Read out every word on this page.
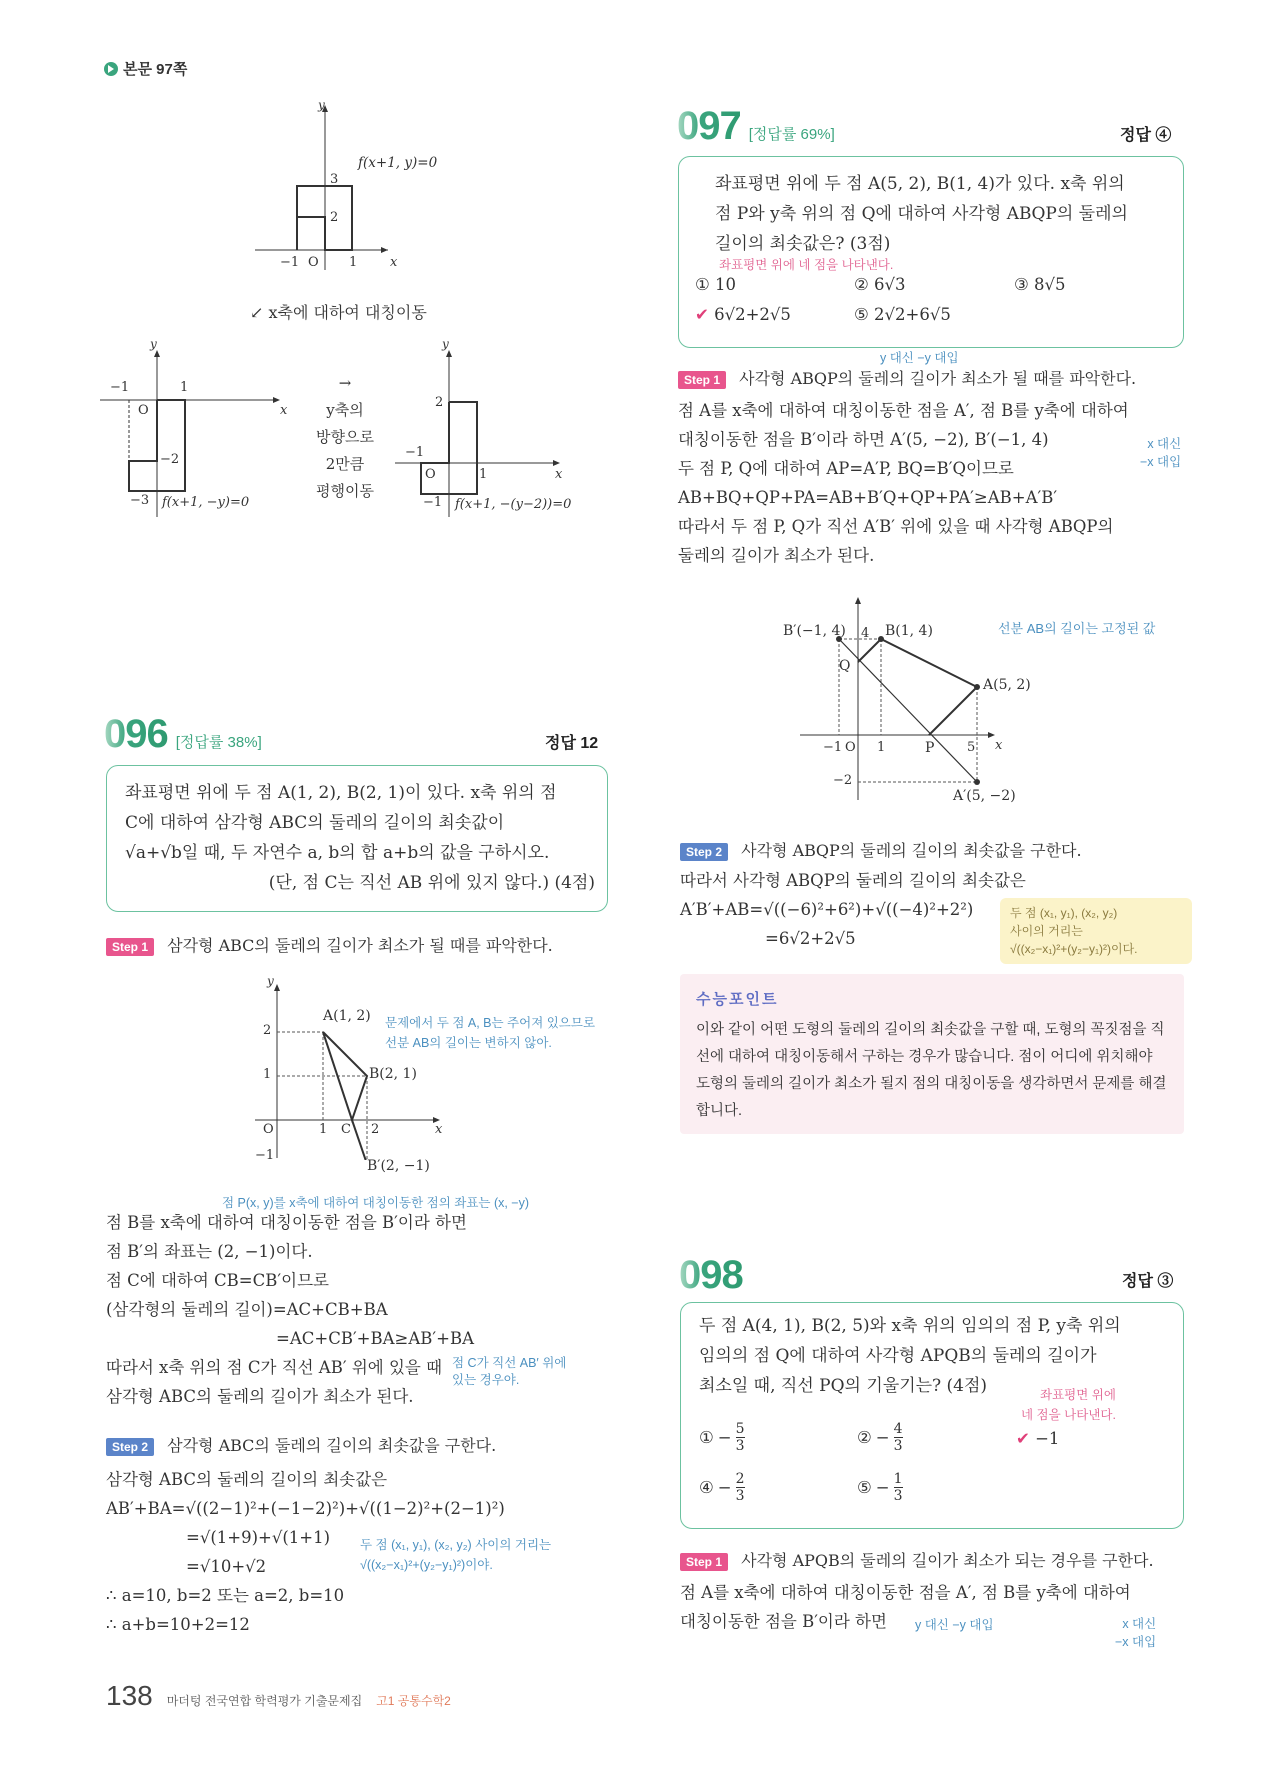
본문 97쪽
y
3
2
−1 O 1	x
f(x+1, y)=0
↙ x축에 대하여 대칭이동
y
−1	1
O
−2
−3
x
f(x+1, −y)=0
→
y축의
방향으로
2만큼
평행이동
y
2
−1
O	1
−1
x
f(x+1, −(y−2))=0
096 [정답률 38%]	정답 12
좌표평면 위에 두 점 A(1, 2), B(2, 1)이 있다. x축 위의 점
C에 대하여 삼각형 ABC의 둘레의 길이의 최솟값이
√a+√b일 때, 두 자연수 a, b의 합 a+b의 값을 구하시오.
(단, 점 C는 직선 AB 위에 있지 않다.) (4점)
Step 1 삼각형 ABC의 둘레의 길이가 최소가 될 때를 파악한다.
y
2
1
−1
O	1 C 2	x
A(1, 2)
B(2, 1)
B′(2, −1)
문제에서 두 점 A, B는 주어져 있으므로
선분 AB의 길이는 변하지 않아.
점 P(x, y)를 x축에 대하여 대칭이동한 점의 좌표는 (x, −y)
점 B를 x축에 대하여 대칭이동한 점을 B′이라 하면
점 B′의 좌표는 (2, −1)이다.
점 C에 대하여 CB=CB′이므로
(삼각형의 둘레의 길이)=AC+CB+BA
=AC+CB′+BA≥AB′+BA
따라서 x축 위의 점 C가 직선 AB′ 위에 있을 때
삼각형 ABC의 둘레의 길이가 최소가 된다.
점 C가 직선 AB′ 위에
있는 경우야.
Step 2 삼각형 ABC의 둘레의 길이의 최솟값을 구한다.
삼각형 ABC의 둘레의 길이의 최솟값은
AB′+BA=√((2−1)²+(−1−2)²)+√((1−2)²+(2−1)²)
=√(1+9)+√(1+1)
=√10+√2
∴ a=10, b=2 또는 a=2, b=10
∴ a+b=10+2=12
두 점 (x₁, y₁), (x₂, y₂) 사이의 거리는
√((x₂−x₁)²+(y₂−y₁)²)이야.
097 [정답률 69%]	정답 ④
좌표평면 위에 두 점 A(5, 2), B(1, 4)가 있다. x축 위의
점 P와 y축 위의 점 Q에 대하여 사각형 ABQP의 둘레의
길이의 최솟값은? (3점)
좌표평면 위에 네 점을 나타낸다.
① 10	② 6√3	③ 8√5
✔ 6√2+2√5	⑤ 2√2+6√5
y 대신 −y 대입
Step 1 사각형 ABQP의 둘레의 길이가 최소가 될 때를 파악한다.
점 A를 x축에 대하여 대칭이동한 점을 A′, 점 B를 y축에 대하여
대칭이동한 점을 B′이라 하면 A′(5, −2), B′(−1, 4)
두 점 P, Q에 대하여 AP=A′P, BQ=B′Q이므로
AB+BQ+QP+PA=AB+B′Q+QP+PA′≥AB+A′B′
따라서 두 점 P, Q가 직선 A′B′ 위에 있을 때 사각형 ABQP의
둘레의 길이가 최소가 된다.
x 대신
−x 대입
B′(−1, 4) 4 B(1, 4)
Q
A(5, 2)
−1 O 1	P	5 x
−2
A′(5, −2)
선분 AB의 길이는 고정된 값
Step 2 사각형 ABQP의 둘레의 길이의 최솟값을 구한다.
따라서 사각형 ABQP의 둘레의 길이의 최솟값은
A′B′+AB=√((−6)²+6²)+√((−4)²+2²)
=6√2+2√5
두 점 (x₁, y₁), (x₂, y₂)
사이의 거리는
√((x₂−x₁)²+(y₂−y₁)²)이다.
수능포인트

이와 같이 어떤 도형의 둘레의 길이의 최솟값을 구할 때, 도형의 꼭짓점을 직선에 대하여 대칭이동해서 구하는 경우가 많습니다. 점이 어디에 위치해야 도형의 둘레의 길이가 최소가 될지 점의 대칭이동을 생각하면서 문제를 해결합니다.

098	정답 ③
두 점 A(4, 1), B(2, 5)와 x축 위의 임의의 점 P, y축 위의
임의의 점 Q에 대하여 사각형 APQB의 둘레의 길이가
최소일 때, 직선 PQ의 기울기는? (4점)	좌표평면 위에
네 점을 나타낸다.
① − $\frac{5}{3}$	② − $\frac{4}{3}$	✔ −1
④ − $\frac{2}{3}$	⑤ − $\frac{1}{3}$
Step 1 사각형 APQB의 둘레의 길이가 최소가 되는 경우를 구한다.
점 A를 x축에 대하여 대칭이동한 점을 A′, 점 B를 y축에 대하여
대칭이동한 점을 B′이라 하면	y 대신 −y 대입	x 대신
−x 대입
138 마더텅 전국연합 학력평가 기출문제집 고1 공통수학2
